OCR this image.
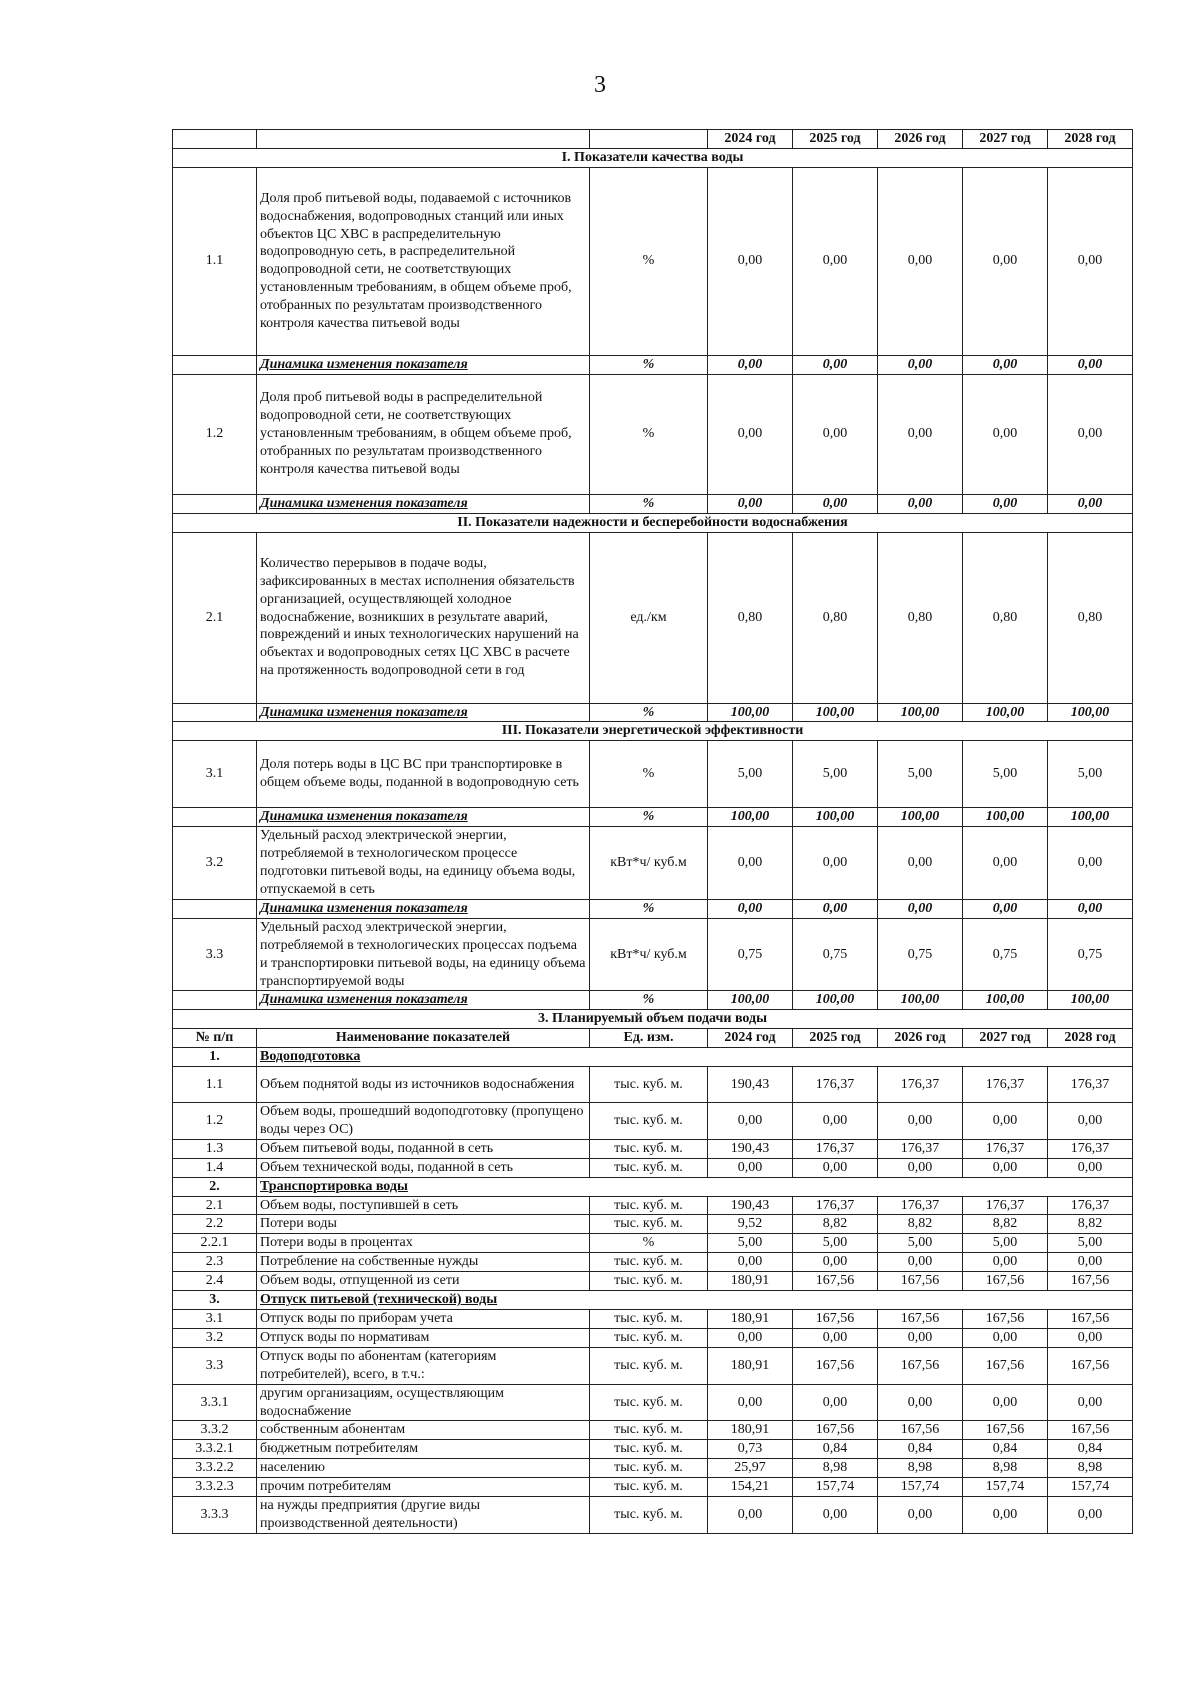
3
			2024 год	2025 год	2026 год	2027 год	2028 год
I. Показатели качества воды							
1.1	Доля проб питьевой воды, подаваемой с источников водоснабжения, водопроводных станций или иных объектов ЦС ХВС в распределительную водопроводную сеть, в распределительной водопроводной сети, не соответствующих установленным требованиям, в общем объеме проб, отобранных по результатам производственного контроля качества питьевой воды	%	0,00	0,00	0,00	0,00	0,00
	Динамика изменения показателя	%	0,00	0,00	0,00	0,00	0,00
1.2	Доля проб питьевой воды в распределительной водопроводной сети, не соответствующих установленным требованиям, в общем объеме проб, отобранных по результатам производственного контроля качества питьевой воды	%	0,00	0,00	0,00	0,00	0,00
	Динамика изменения показателя	%	0,00	0,00	0,00	0,00	0,00
II. Показатели надежности и бесперебойности водоснабжения							
2.1	Количество перерывов в подаче воды, зафиксированных в местах исполнения обязательств организацией, осуществляющей холодное водоснабжение, возникших в результате аварий, повреждений и иных технологических нарушений на объектах и водопроводных сетях ЦС ХВС в расчете на протяженность водопроводной сети в год	ед./км	0,80	0,80	0,80	0,80	0,80
	Динамика изменения показателя	%	100,00	100,00	100,00	100,00	100,00
III. Показатели энергетической эффективности							
3.1	Доля потерь воды в ЦС ВС при транспортировке в общем объеме воды, поданной в водопроводную сеть	%	5,00	5,00	5,00	5,00	5,00
	Динамика изменения показателя	%	100,00	100,00	100,00	100,00	100,00
3.2	Удельный расход электрической энергии, потребляемой в технологическом процессе подготовки питьевой воды, на единицу объема воды, отпускаемой в сеть	кВт*ч/ куб.м	0,00	0,00	0,00	0,00	0,00
	Динамика изменения показателя	%	0,00	0,00	0,00	0,00	0,00
3.3	Удельный расход электрической энергии, потребляемой в технологических процессах подъема и транспортировки питьевой воды, на единицу объема транспортируемой воды	кВт*ч/ куб.м	0,75	0,75	0,75	0,75	0,75
	Динамика изменения показателя	%	100,00	100,00	100,00	100,00	100,00
3. Планируемый объем подачи воды							
№ п/п	Наименование показателей	Ед. изм.	2024 год	2025 год	2026 год	2027 год	2028 год
1.	Водоподготовка						
1.1	Объем поднятой воды из источников водоснабжения	тыс. куб. м.	190,43	176,37	176,37	176,37	176,37
1.2	Объем воды, прошедший водоподготовку (пропущено воды через ОС)	тыс. куб. м.	0,00	0,00	0,00	0,00	0,00
1.3	Объем питьевой воды, поданной в сеть	тыс. куб. м.	190,43	176,37	176,37	176,37	176,37
1.4	Объем технической воды, поданной в сеть	тыс. куб. м.	0,00	0,00	0,00	0,00	0,00
2.	Транспортировка воды						
2.1	Объем воды, поступившей в сеть	тыс. куб. м.	190,43	176,37	176,37	176,37	176,37
2.2	Потери воды	тыс. куб. м.	9,52	8,82	8,82	8,82	8,82
2.2.1	Потери воды в процентах	%	5,00	5,00	5,00	5,00	5,00
2.3	Потребление на собственные нужды	тыс. куб. м.	0,00	0,00	0,00	0,00	0,00
2.4	Объем воды, отпущенной из сети	тыс. куб. м.	180,91	167,56	167,56	167,56	167,56
3.	Отпуск питьевой (технической) воды						
3.1	Отпуск воды по приборам учета	тыс. куб. м.	180,91	167,56	167,56	167,56	167,56
3.2	Отпуск воды по нормативам	тыс. куб. м.	0,00	0,00	0,00	0,00	0,00
3.3	Отпуск воды по абонентам (категориям потребителей), всего, в т.ч.:	тыс. куб. м.	180,91	167,56	167,56	167,56	167,56
3.3.1	другим организациям, осуществляющим водоснабжение	тыс. куб. м.	0,00	0,00	0,00	0,00	0,00
3.3.2	собственным абонентам	тыс. куб. м.	180,91	167,56	167,56	167,56	167,56
3.3.2.1	бюджетным потребителям	тыс. куб. м.	0,73	0,84	0,84	0,84	0,84
3.3.2.2	населению	тыс. куб. м.	25,97	8,98	8,98	8,98	8,98
3.3.2.3	прочим потребителям	тыс. куб. м.	154,21	157,74	157,74	157,74	157,74
3.3.3	на нужды предприятия (другие виды производственной деятельности)	тыс. куб. м.	0,00	0,00	0,00	0,00	0,00
